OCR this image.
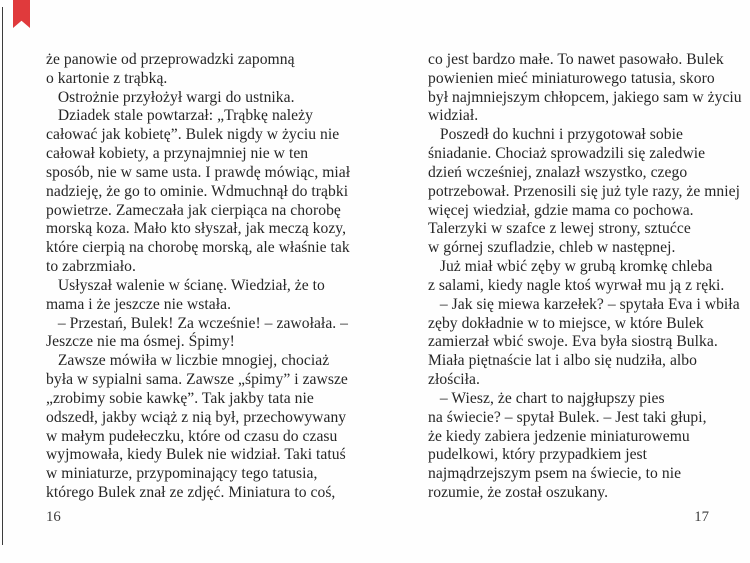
że panowie od przeprowadzki zapomną
o kartonie z trąbką.
Ostrożnie przyłożył wargi do ustnika.
Dziadek stale powtarzał: „Trąbkę należy
całować jak kobietę”. Bulek nigdy w życiu nie
całował kobiety, a przynajmniej nie w ten
sposób, nie w same usta. I prawdę mówiąc, miał
nadzieję, że go to ominie. Wdmuchnął do trąbki
powietrze. Zameczała jak cierpiąca na chorobę
morską koza. Mało kto słyszał, jak meczą kozy,
które cierpią na chorobę morską, ale właśnie tak
to zabrzmiało.
Usłyszał walenie w ścianę. Wiedział, że to
mama i że jeszcze nie wstała.
– Przestań, Bulek! Za wcześnie! – zawołała. –
Jeszcze nie ma ósmej. Śpimy!
Zawsze mówiła w liczbie mnogiej, chociaż
była w sypialni sama. Zawsze „śpimy” i zawsze
„zrobimy sobie kawkę”. Tak jakby tata nie
odszedł, jakby wciąż z nią był, przechowywany
w małym pudełeczku, które od czasu do czasu
wyjmowała, kiedy Bulek nie widział. Taki tatuś
w miniaturze, przypominający tego tatusia,
którego Bulek znał ze zdjęć. Miniatura to coś,
16
co jest bardzo małe. To nawet pasowało. Bulek
powienien mieć miniaturowego tatusia, skoro
był najmniejszym chłopcem, jakiego sam w życiu
widział.
Poszedł do kuchni i przygotował sobie
śniadanie. Chociaż sprowadzili się zaledwie
dzień wcześniej, znalazł wszystko, czego
potrzebował. Przenosili się już tyle razy, że mniej
więcej wiedział, gdzie mama co pochowa.
Talerzyki w szafce z lewej strony, sztućce
w górnej szufladzie, chleb w następnej.
Już miał wbić zęby w grubą kromkę chleba
z salami, kiedy nagle ktoś wyrwał mu ją z ręki.
– Jak się miewa karzełek? – spytała Eva i wbiła
zęby dokładnie w to miejsce, w które Bulek
zamierzał wbić swoje. Eva była siostrą Bulka.
Miała piętnaście lat i albo się nudziła, albo
złościła.
– Wiesz, że chart to najgłupszy pies
na świecie? – spytał Bulek. – Jest taki głupi,
że kiedy zabiera jedzenie miniaturowemu
pudelkowi, który przypadkiem jest
najmądrzejszym psem na świecie, to nie
rozumie, że został oszukany.
17
